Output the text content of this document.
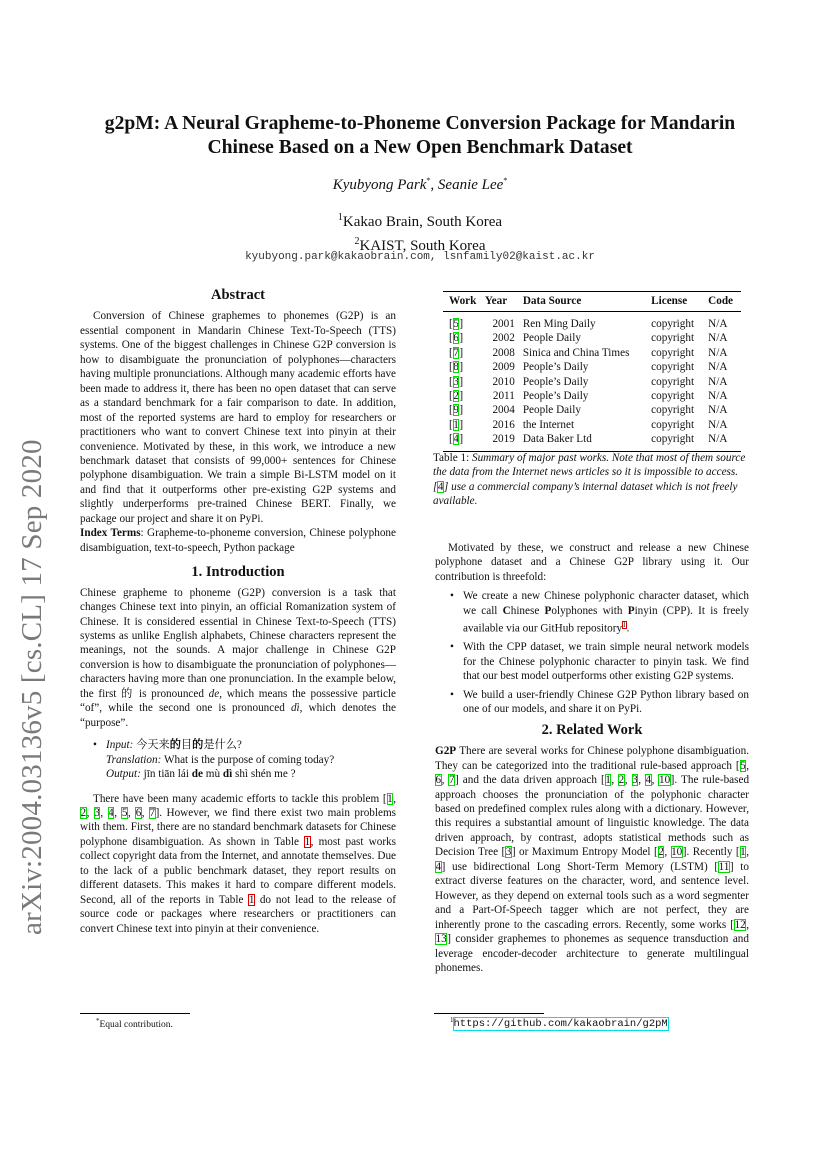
arXiv:2004.03136v5 [cs.CL] 17 Sep 2020
g2pM: A Neural Grapheme-to-Phoneme Conversion Package for Mandarin
Chinese Based on a New Open Benchmark Dataset
Kyubyong Park*, Seanie Lee*
$^1$Kakao Brain, South Korea
$^2$KAIST, South Korea
kyubyong.park@kakaobrain.com, lsnfamily02@kaist.ac.kr
Abstract

Conversion of Chinese graphemes to phonemes (G2P) is an essential component in Mandarin Chinese Text-To-Speech (TTS) systems. One of the biggest challenges in Chinese G2P conversion is how to disambiguate the pronunciation of polyphones—characters having multiple pronunciations. Although many academic efforts have been made to address it, there has been no open dataset that can serve as a standard benchmark for a fair comparison to date. In addition, most of the reported systems are hard to employ for researchers or practitioners who want to convert Chinese text into pinyin at their convenience. Motivated by these, in this work, we introduce a new benchmark dataset that consists of 99,000+ sentences for Chinese polyphone disambiguation. We train a simple Bi-LSTM model on it and find that it outperforms other pre-existing G2P systems and slightly underperforms pre-trained Chinese BERT. Finally, we package our project and share it on PyPi.

Index Terms: Grapheme-to-phoneme conversion, Chinese polyphone disambiguation, text-to-speech, Python package

1. Introduction

Chinese grapheme to phoneme (G2P) conversion is a task that changes Chinese text into pinyin, an official Romanization system of Chinese. It is considered essential in Chinese Text-to-Speech (TTS) systems as unlike English alphabets, Chinese characters represent the meanings, not the sounds. A major challenge in Chinese G2P conversion is how to disambiguate the pronunciation of polyphones—characters having more than one pronunciation. In the example below, the first 的 is pronounced de, which means the possessive particle “of”, while the second one is pronounced dì, which denotes the “purpose”.

• Input: 今天来的目的是什么?
Translation: What is the purpose of coming today?
Output: jīn tiān lái de mù dì shì shén me ?

There have been many academic efforts to tackle this problem [1, 2, 3, 4, 5, 6, 7]. However, we find there exist two main problems with them. First, there are no standard benchmark datasets for Chinese polyphone disambiguation. As shown in Table 1, most past works collect copyright data from the Internet, and annotate themselves. Due to the lack of a public benchmark dataset, they report results on different datasets. This makes it hard to compare different models. Second, all of the reports in Table 1 do not lead to the release of source code or packages where researchers or practitioners can convert Chinese text into pinyin at their convenience.

*Equal contribution.
Work	Year	Data Source	License	Code
[5]	2001	Ren Ming Daily	copyright	N/A
[6]	2002	People Daily	copyright	N/A
[7]	2008	Sinica and China Times	copyright	N/A
[8]	2009	People’s Daily	copyright	N/A
[3]	2010	People’s Daily	copyright	N/A
[2]	2011	People’s Daily	copyright	N/A
[9]	2004	People Daily	copyright	N/A
[1]	2016	the Internet	copyright	N/A
[4]	2019	Data Baker Ltd	copyright	N/A

Table 1: Summary of major past works. Note that most of them source the data from the Internet news articles so it is impossible to access. [4] use a commercial company’s internal dataset which is not freely available.

Motivated by these, we construct and release a new Chinese polyphone dataset and a Chinese G2P library using it. Our contribution is threefold:

• We create a new Chinese polyphonic character dataset, which we call Chinese Polyphones with Pinyin (CPP). It is freely available via our GitHub repository$^1$.
• With the CPP dataset, we train simple neural network models for the Chinese polyphonic character to pinyin task. We find that our best model outperforms other existing G2P systems.
• We build a user-friendly Chinese G2P Python library based on one of our models, and share it on PyPi.
2. Related Work

G2P There are several works for Chinese polyphone disambiguation. They can be categorized into the traditional rule-based approach [5, 6, 7] and the data driven approach [1, 2, 3, 4, 10]. The rule-based approach chooses the pronunciation of the polyphonic character based on predefined complex rules along with a dictionary. However, this requires a substantial amount of linguistic knowledge. The data driven approach, by contrast, adopts statistical methods such as Decision Tree [3] or Maximum Entropy Model [2, 10]. Recently [1, 4] use bidirectional Long Short-Term Memory (LSTM) [11] to extract diverse features on the character, word, and sentence level. However, as they depend on external tools such as a word segmenter and a Part-Of-Speech tagger which are not perfect, they are inherently prone to the cascading errors. Recently, some works [12, 13] consider graphemes to phonemes as sequence transduction and leverage encoder-decoder architecture to generate multilingual phonemes.

$^1$https://github.com/kakaobrain/g2pM
